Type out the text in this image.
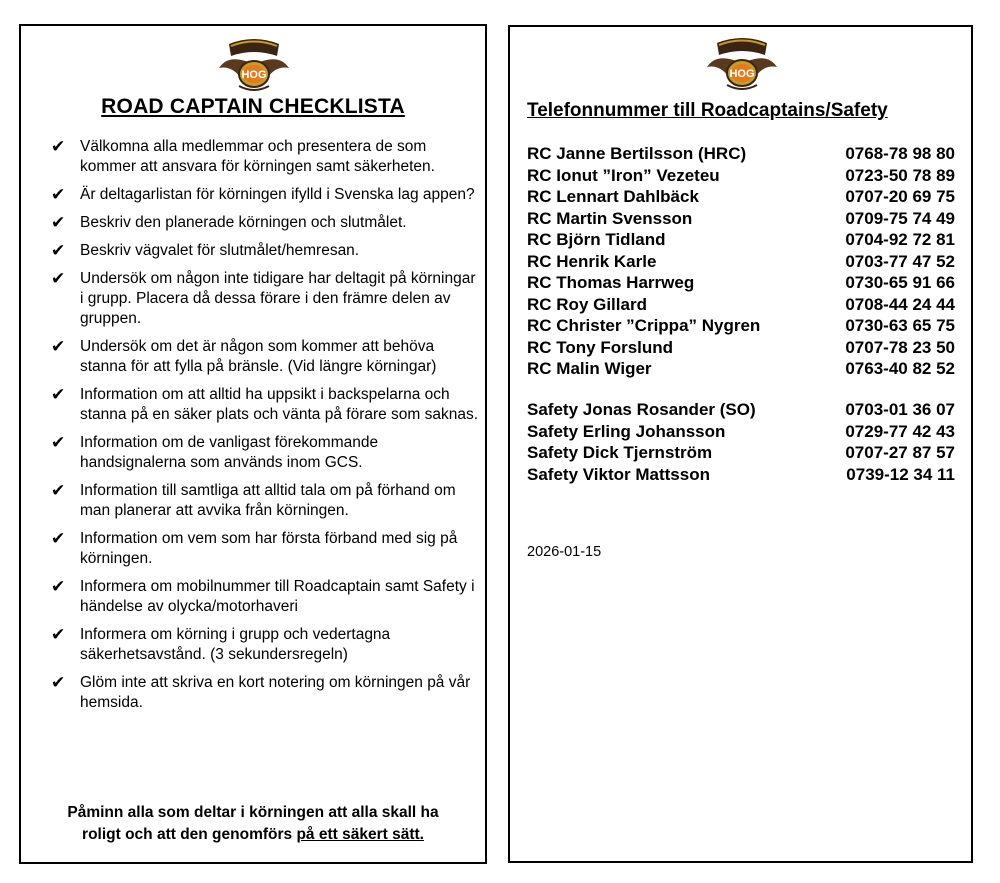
HOG
ROAD CAPTAIN CHECKLISTA
✔ Välkomna alla medlemmar och presentera de som kommer att ansvara för körningen samt säkerheten.
✔ Är deltagarlistan för körningen ifylld i Svenska lag appen?
✔ Beskriv den planerade körningen och slutmålet.
✔ Beskriv vägvalet för slutmålet/hemresan.
✔ Undersök om någon inte tidigare har deltagit på körningar i grupp. Placera då dessa förare i den främre delen av gruppen.
✔ Undersök om det är någon som kommer att behöva stanna för att fylla på bränsle. (Vid längre körningar)
✔ Information om att alltid ha uppsikt i backspelarna och stanna på en säker plats och vänta på förare som saknas.
✔ Information om de vanligast förekommande handsignalerna som används inom GCS.
✔ Information till samtliga att alltid tala om på förhand om man planerar att avvika från körningen.
✔ Information om vem som har första förband med sig på körningen.
✔ Informera om mobilnummer till Roadcaptain samt Safety i händelse av olycka/motorhaveri
✔ Informera om körning i grupp och vedertagna säkerhetsavstånd. (3 sekundersregeln)
✔ Glöm inte att skriva en kort notering om körningen på vår hemsida.
Påminn alla som deltar i körningen att alla skall ha
roligt och att den genomförs på ett säkert sätt.
HOG
Telefonnummer till Roadcaptains/Safety
RC Janne Bertilsson (HRC)	0768-78 98 80
RC Ionut ”Iron” Vezeteu	0723-50 78 89
RC Lennart Dahlbäck	0707-20 69 75
RC Martin Svensson	0709-75 74 49
RC Björn Tidland	0704-92 72 81
RC Henrik Karle	0703-77 47 52
RC Thomas Harrweg	0730-65 91 66
RC Roy Gillard	0708-44 24 44
RC Christer ”Crippa” Nygren	0730-63 65 75
RC Tony Forslund	0707-78 23 50
RC Malin Wiger	0763-40 82 52
Safety Jonas Rosander (SO)	0703-01 36 07
Safety Erling Johansson	0729-77 42 43
Safety Dick Tjernström	0707-27 87 57
Safety Viktor Mattsson	0739-12 34 11
2026-01-15
